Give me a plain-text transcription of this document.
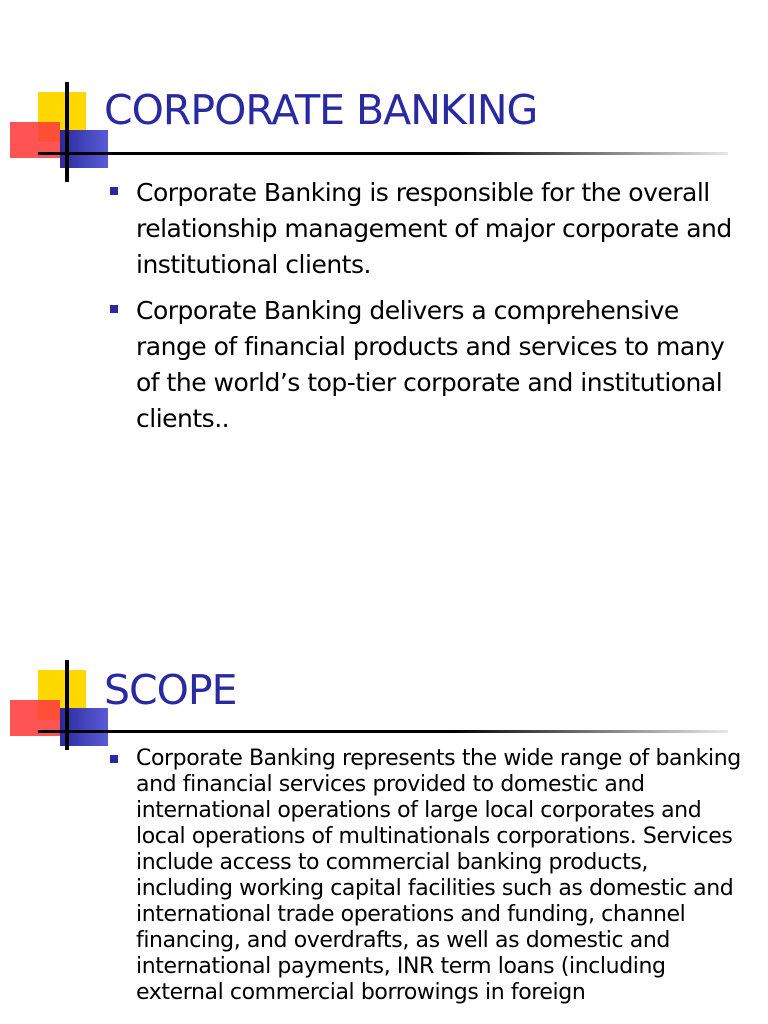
CORPORATE BANKING
Corporate Banking is responsible for the overall relationship management of major corporate and institutional clients.
Corporate Banking delivers a comprehensive range of financial products and services to many of the world’s top-tier corporate and institutional clients..
SCOPE
Corporate Banking represents the wide range of banking and financial services provided to domestic and international operations of large local corporates and local operations of multinationals corporations. Services include access to commercial banking products, including working capital facilities such as domestic and international trade operations and funding, channel financing, and overdrafts, as well as domestic and international payments, INR term loans (including external commercial borrowings in foreign
